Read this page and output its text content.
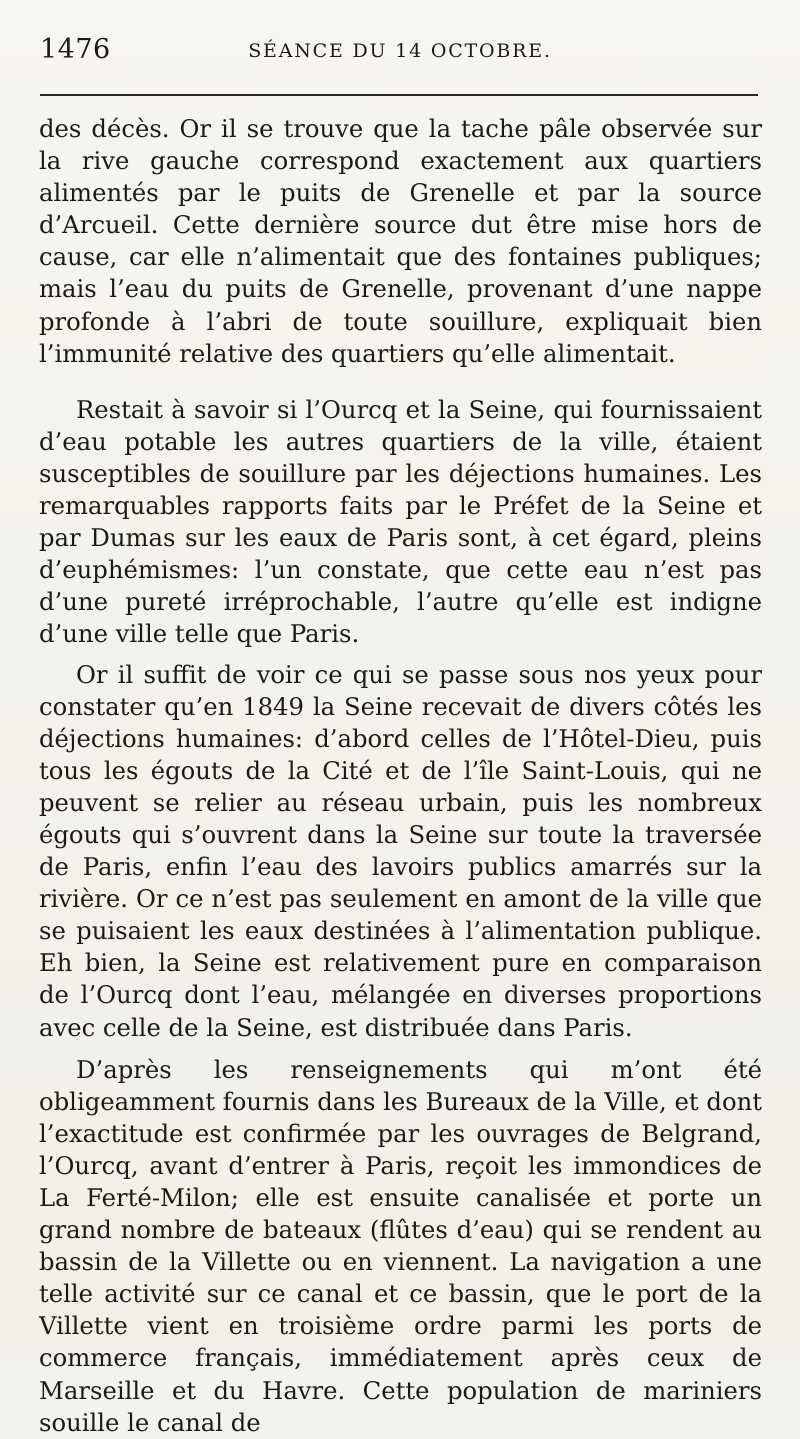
1476	SÉANCE DU 14 OCTOBRE.

des décès. Or il se trouve que la tache pâle observée sur la rive gauche correspond exactement aux quartiers alimentés par le puits de Grenelle et par la source d’Arcueil. Cette dernière source dut être mise hors de cause, car elle n’alimentait que des fontaines publiques; mais l’eau du puits de Grenelle, provenant d’une nappe profonde à l’abri de toute souillure, expliquait bien l’immunité relative des quartiers qu’elle alimentait.

Restait à savoir si l’Ourcq et la Seine, qui fournissaient d’eau potable les autres quartiers de la ville, étaient susceptibles de souillure par les déjections humaines. Les remarquables rapports faits par le Préfet de la Seine et par Dumas sur les eaux de Paris sont, à cet égard, pleins d’euphémismes: l’un constate, que cette eau n’est pas d’une pureté irréprochable, l’autre qu’elle est indigne d’une ville telle que Paris.

Or il suffit de voir ce qui se passe sous nos yeux pour constater qu’en 1849 la Seine recevait de divers côtés les déjections humaines: d’abord celles de l’Hôtel-Dieu, puis tous les égouts de la Cité et de l’île Saint-Louis, qui ne peuvent se relier au réseau urbain, puis les nombreux égouts qui s’ouvrent dans la Seine sur toute la traversée de Paris, enfin l’eau des lavoirs publics amarrés sur la rivière. Or ce n’est pas seulement en amont de la ville que se puisaient les eaux destinées à l’alimentation publique. Eh bien, la Seine est relativement pure en comparaison de l’Ourcq dont l’eau, mélangée en diverses proportions avec celle de la Seine, est distribuée dans Paris.

D’après les renseignements qui m’ont été obligeamment fournis dans les Bureaux de la Ville, et dont l’exactitude est confirmée par les ouvrages de Belgrand, l’Ourcq, avant d’entrer à Paris, reçoit les immondices de La Ferté-Milon; elle est ensuite canalisée et porte un grand nombre de bateaux (flûtes d’eau) qui se rendent au bassin de la Villette ou en viennent. La navigation a une telle activité sur ce canal et ce bassin, que le port de la Villette vient en troisième ordre parmi les ports de commerce français, immédiatement après ceux de Marseille et du Havre. Cette population de mariniers souille le canal de
